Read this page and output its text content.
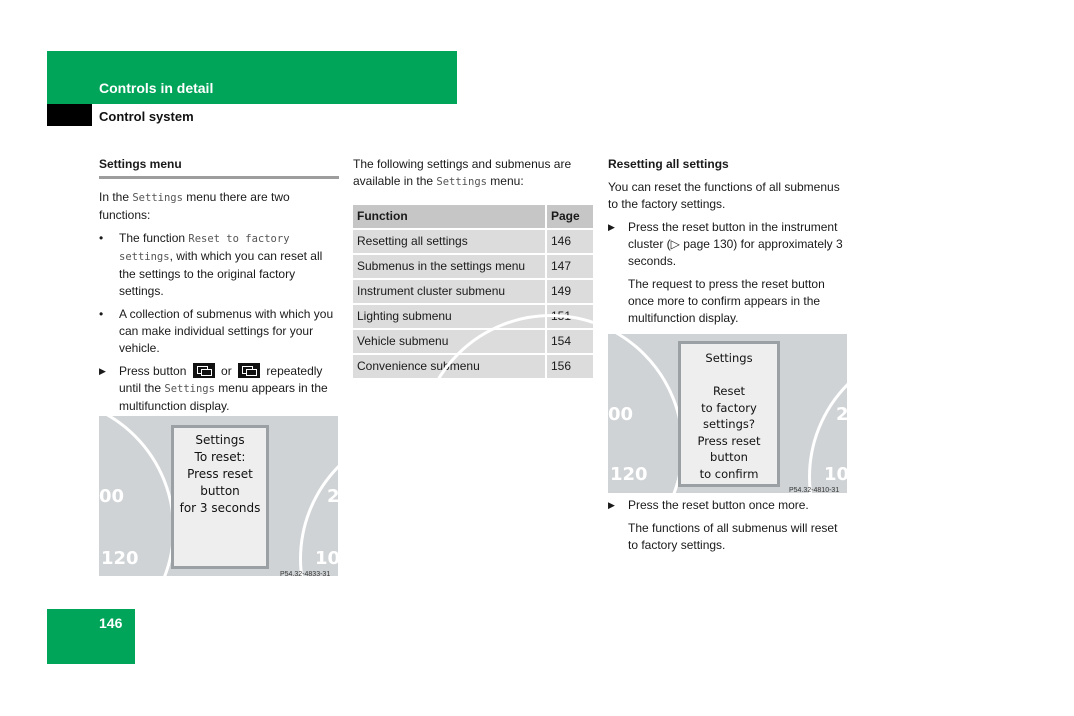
Controls in detail
Control system
Settings menu

In the Settings menu there are two functions:

•	The function Reset to factory settings, with which you can reset all the settings to the original factory settings.
•	A collection of submenus with which you can make individual settings for your vehicle.
▶	Press button  or  repeatedly until the Settings menu appears in the multifunction display.
00
120
2
10
Settings
To reset:
Press reset
button
for 3 seconds
P54.32-4833-31

The following settings and submenus are available in the Settings menu:

Function	Page
Resetting all settings	146
Submenus in the settings menu	147
Instrument cluster submenu	149
Lighting submenu	151
Vehicle submenu	154
Convenience submenu	156
Resetting all settings

You can reset the functions of all submenus to the factory settings.

▶	Press the reset button in the instrument cluster (▷ page 130) for approximately 3 seconds.
The request to press the reset button once more to confirm appears in the multifunction display.
00
120
2
10
Settings

Reset
to factory
settings?
Press reset
button
to confirm
P54.32-4810-31
▶	Press the reset button once more.
The functions of all submenus will reset to factory settings.
146
